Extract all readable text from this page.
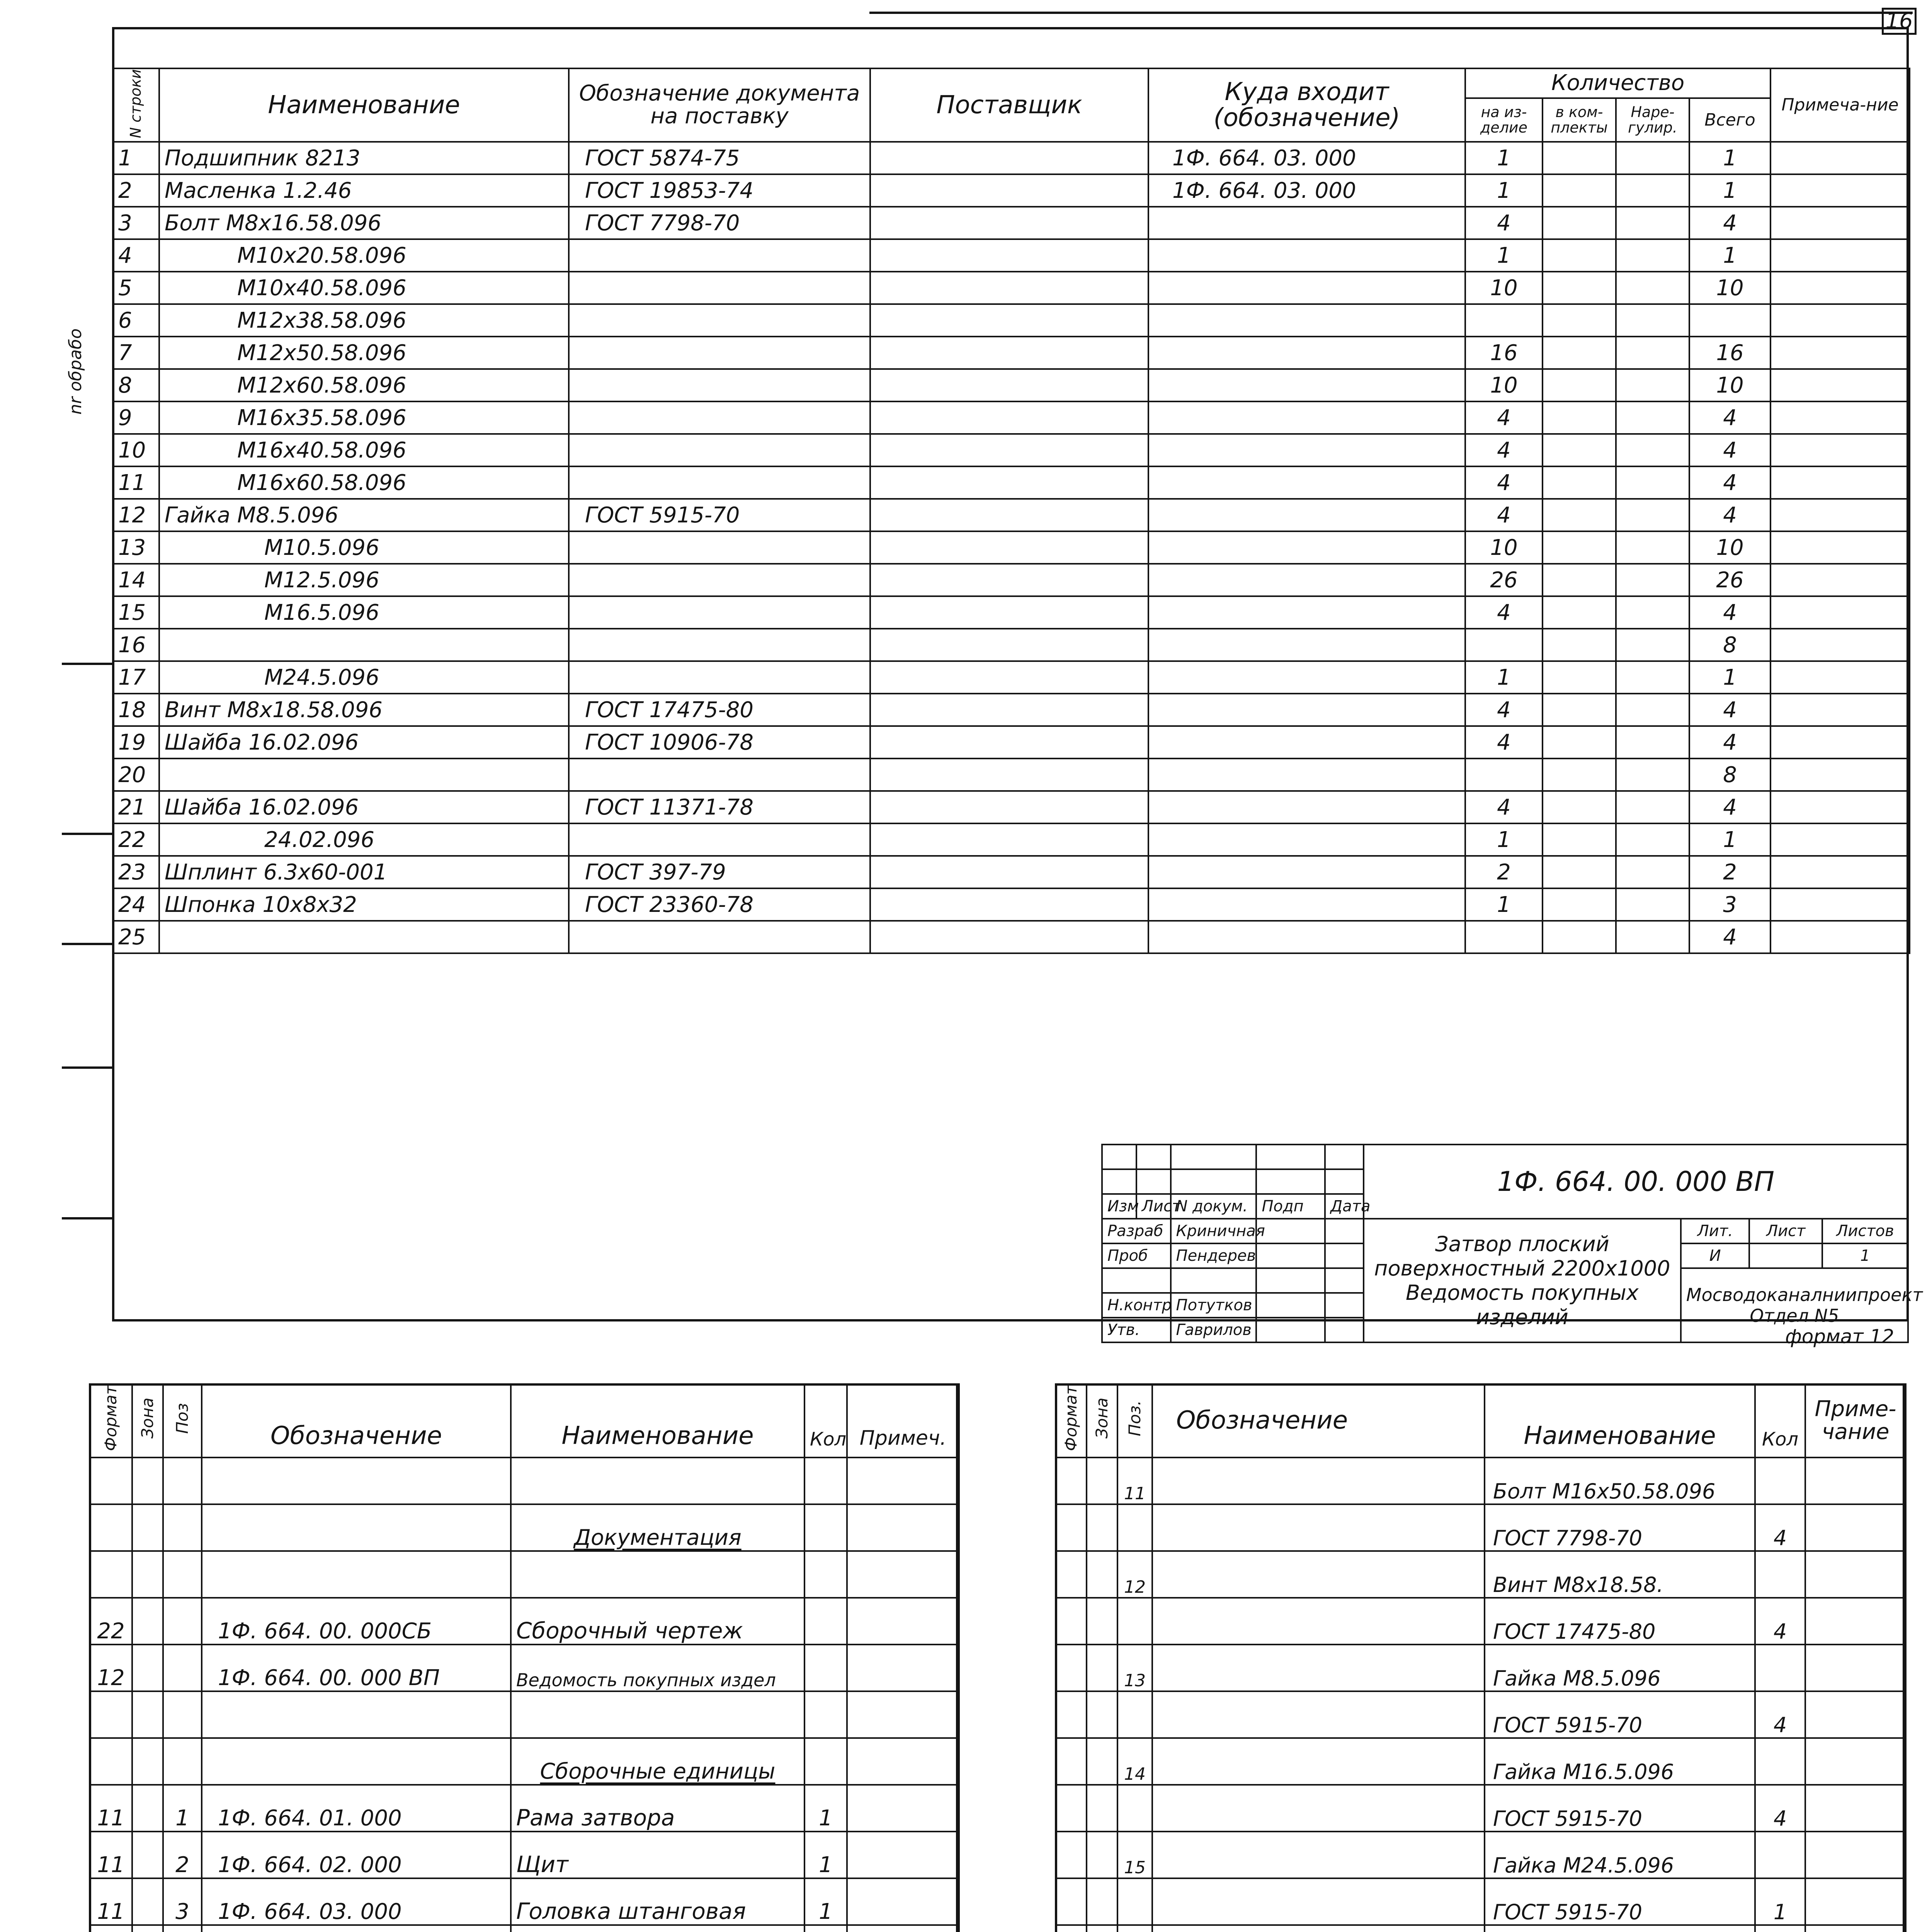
16
nr обрабо
N строки	Наименование	Обозначение документа на поставку	Поставщик	Куда входит (обозначение)	Количество				Примеча-ние
					на из-делие	в ком-плекты	Наре-гулир.	Всего	
1	Подшипник 8213	ГОСТ 5874-75		1Ф. 664. 03. 000	1			1	
2	Масленка 1.2.46	ГОСТ 19853-74		1Ф. 664. 03. 000	1			1	
3	Болт М8х16.58.096	ГОСТ 7798-70			4			4	
4	М10х20.58.096				1			1	
5	М10х40.58.096				10			10	
6	М12х38.58.096								
7	М12х50.58.096				16			16	
8	М12х60.58.096				10			10	
9	М16х35.58.096				4			4	
10	М16х40.58.096				4			4	
11	М16х60.58.096				4			4	
12	Гайка М8.5.096	ГОСТ 5915-70			4			4	
13	М10.5.096				10			10	
14	М12.5.096				26			26	
15	М16.5.096				4			4	
16								8	
17	М24.5.096				1			1	
18	Винт М8х18.58.096	ГОСТ 17475-80			4			4	
19	Шайба 16.02.096	ГОСТ 10906-78			4			4	
20								8	
21	Шайба 16.02.096	ГОСТ 11371-78			4			4	
22	24.02.096				1			1	
23	Шплинт 6.3х60-001	ГОСТ 397-79			2			2	
24	Шпонка 10х8х32	ГОСТ 23360-78			1			3	
25								4	
					1Ф. 664. 00. 000 ВП			

Изм	Лист	N докум.	Подп	Дата				
Разраб		Криничная			Затвор плоский поверхностный 2200х1000 Ведомость покупных изделий	Лит.	Лист	Листов
Проб		Пендерев				И		1
						Мосводоканалниипроект Отдел N5		
Н.контр		Потутков						
Утв.		Гаврилов							формат 12
Формат	Зона	Поз	Обозначение	Наименование	Кол	Примеч.

				Документация		

22			1Ф. 664. 00. 000СБ	Сборочный чертеж		
12			1Ф. 664. 00. 000 ВП	Ведомость покупных издел		

				Сборочные единицы		
11		1	1Ф. 664. 01. 000	Рама затвора	1	
11		2	1Ф. 664. 02. 000	Щит	1	
11		3	1Ф. 664. 03. 000	Головка штанговая	1	

Формат	Зона	Поз.	Обозначение	Наименование	Кол	Приме-чание
		11		Болт М16х50.58.096		
				ГОСТ 7798-70	4	
		12		Винт М8х18.58.		
				ГОСТ 17475-80	4	
		13		Гайка М8.5.096		
				ГОСТ 5915-70	4	
		14		Гайка М16.5.096		
				ГОСТ 5915-70	4	
		15		Гайка М24.5.096		
				ГОСТ 5915-70	1	
